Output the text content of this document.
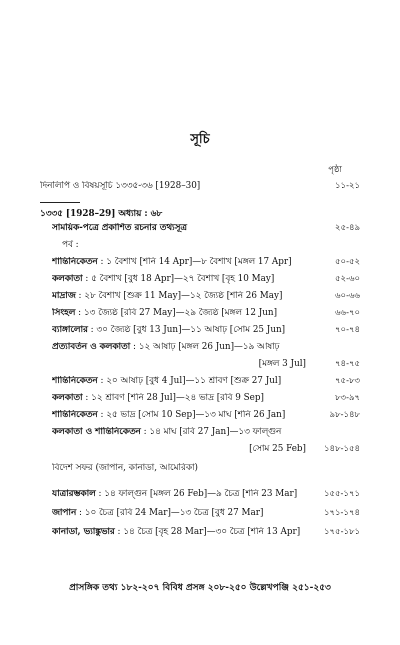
সূচি
পৃষ্ঠা
দিনলিপি ও বিষয়সূচি ১৩৩৫-৩৬ [1928–30]	১১-২১
১৩৩৫ [1928–29] অধ্যায় : ৬৮
সাময়িক-পত্রে প্রকাশিত রচনার তথ্যসূত্র	২৫-৪৯
পর্ব :
শান্তিনিকেতন : ১ বৈশাখ [শনি 14 Apr]—৮ বৈশাখ [মঙ্গল 17 Apr]	৫০-৫২
কলকাতা : ৫ বৈশাখ [বুধ 18 Apr]—২৭ বৈশাখ [বৃহ 10 May]	৫২-৬০
মাদ্রাজ : ২৮ বৈশাখ [শুক্র 11 May]—১২ জ্যৈষ্ঠ [শনি 26 May]	৬০-৬৬
সিংহল : ১৩ জ্যৈষ্ঠ [রবি 27 May]—২৯ জ্যৈষ্ঠ [মঙ্গল 12 Jun]	৬৬-৭০
ব্যাঙ্গালোর : ৩০ জ্যৈষ্ঠ [বুধ 13 Jun]—১১ আষাঢ় [সোম 25 Jun]	৭০-৭৪
প্রত্যাবর্তন ও কলকাতা : ১২ আষাঢ় [মঙ্গল 26 Jun]—১৯ আষাঢ়
[মঙ্গল 3 Jul]	৭৪-৭৫
শান্তিনিকেতন : ২০ আষাঢ় [বুধ 4 Jul]—১১ শ্রাবণ [শুক্র 27 Jul]	৭৫-৮৩
কলকাতা : ১২ শ্রাবণ [শনি 28 Jul]—২৪ ভাদ্র [রবি 9 Sep]	৮৩-৯৭
শান্তিনিকেতন : ২৫ ভাদ্র [সোম 10 Sep]—১৩ মাঘ [শনি 26 Jan]	৯৮-১৪৮
কলকাতা ও শান্তিনিকেতন : ১৪ মাঘ [রবি 27 Jan]—১৩ ফাল্গুন
[সোম 25 Feb]	১৪৮-১৫৪
বিদেশ সফর (জাপান, কানাডা, আমেরিকা)
যাত্রারম্ভকাল : ১৪ ফাল্গুন [মঙ্গল 26 Feb]—৯ চৈত্র [শনি 23 Mar]	১৫৫-১৭১
জাপান : ১০ চৈত্র [রবি 24 Mar]—১৩ চৈত্র [বুধ 27 Mar]	১৭১-১৭৪
কানাডা, ভ্যাঙ্কুভার : ১৪ চৈত্র [বৃহ 28 Mar]—৩০ চৈত্র [শনি 13 Apr]	১৭৫-১৮১
প্রাসঙ্গিক তথ্য ১৮২-২০৭ বিবিধ প্রসঙ্গ ২০৮-২৫০ উল্লেখপঞ্জি ২৫১-২৫৩
